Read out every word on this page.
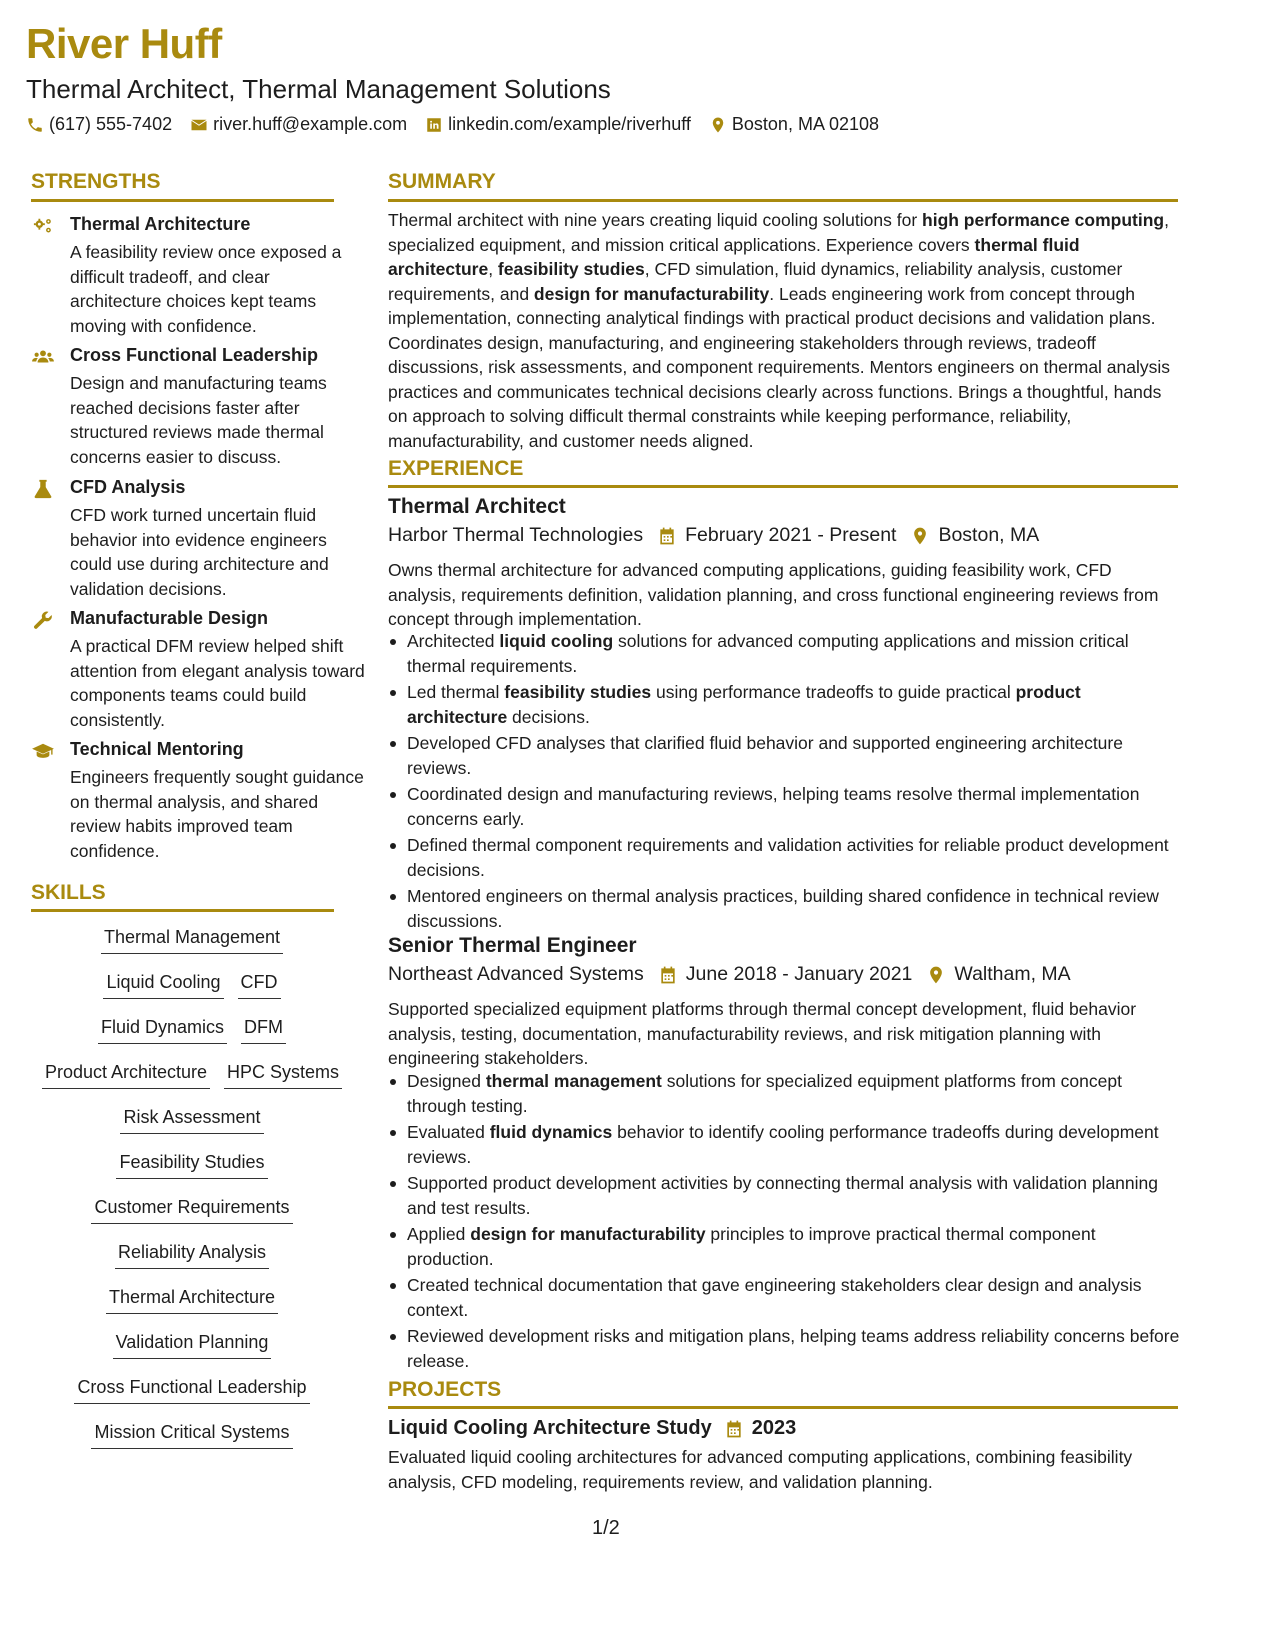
River Huff
Thermal Architect, Thermal Management Solutions
(617) 555-7402 river.huff@example.com linkedin.com/example/riverhuff Boston, MA 02108
STRENGTHS
Thermal Architecture
A feasibility review once exposed a difficult tradeoff, and clear architecture choices kept teams moving with confidence.
Cross Functional Leadership
Design and manufacturing teams reached decisions faster after structured reviews made thermal concerns easier to discuss.
CFD Analysis
CFD work turned uncertain fluid behavior into evidence engineers could use during architecture and validation decisions.
Manufacturable Design
A practical DFM review helped shift attention from elegant analysis toward components teams could build consistently.
Technical Mentoring
Engineers frequently sought guidance on thermal analysis, and shared review habits improved team confidence.
SKILLS
Thermal Management
Liquid Cooling CFD
Fluid Dynamics DFM
Product Architecture HPC Systems
Risk Assessment
Feasibility Studies
Customer Requirements
Reliability Analysis
Thermal Architecture
Validation Planning
Cross Functional Leadership
Mission Critical Systems
SUMMARY
Thermal architect with nine years creating liquid cooling solutions for high performance computing, specialized equipment, and mission critical applications. Experience covers thermal fluid architecture, feasibility studies, CFD simulation, fluid dynamics, reliability analysis, customer requirements, and design for manufacturability. Leads engineering work from concept through implementation, connecting analytical findings with practical product decisions and validation plans. Coordinates design, manufacturing, and engineering stakeholders through reviews, tradeoff discussions, risk assessments, and component requirements. Mentors engineers on thermal analysis practices and communicates technical decisions clearly across functions. Brings a thoughtful, hands on approach to solving difficult thermal constraints while keeping performance, reliability, manufacturability, and customer needs aligned.
EXPERIENCE
Thermal Architect
Harbor Thermal Technologies February 2021 - Present Boston, MA
Owns thermal architecture for advanced computing applications, guiding feasibility work, CFD analysis, requirements definition, validation planning, and cross functional engineering reviews from concept through implementation.
Architected liquid cooling solutions for advanced computing applications and mission critical thermal requirements.
Led thermal feasibility studies using performance tradeoffs to guide practical product architecture decisions.
Developed CFD analyses that clarified fluid behavior and supported engineering architecture reviews.
Coordinated design and manufacturing reviews, helping teams resolve thermal implementation concerns early.
Defined thermal component requirements and validation activities for reliable product development decisions.
Mentored engineers on thermal analysis practices, building shared confidence in technical review discussions.
Senior Thermal Engineer
Northeast Advanced Systems June 2018 - January 2021 Waltham, MA
Supported specialized equipment platforms through thermal concept development, fluid behavior analysis, testing, documentation, manufacturability reviews, and risk mitigation planning with engineering stakeholders.
Designed thermal management solutions for specialized equipment platforms from concept through testing.
Evaluated fluid dynamics behavior to identify cooling performance tradeoffs during development reviews.
Supported product development activities by connecting thermal analysis with validation planning and test results.
Applied design for manufacturability principles to improve practical thermal component production.
Created technical documentation that gave engineering stakeholders clear design and analysis context.
Reviewed development risks and mitigation plans, helping teams address reliability concerns before release.
PROJECTS
Liquid Cooling Architecture Study 2023
Evaluated liquid cooling architectures for advanced computing applications, combining feasibility analysis, CFD modeling, requirements review, and validation planning.
1/2
